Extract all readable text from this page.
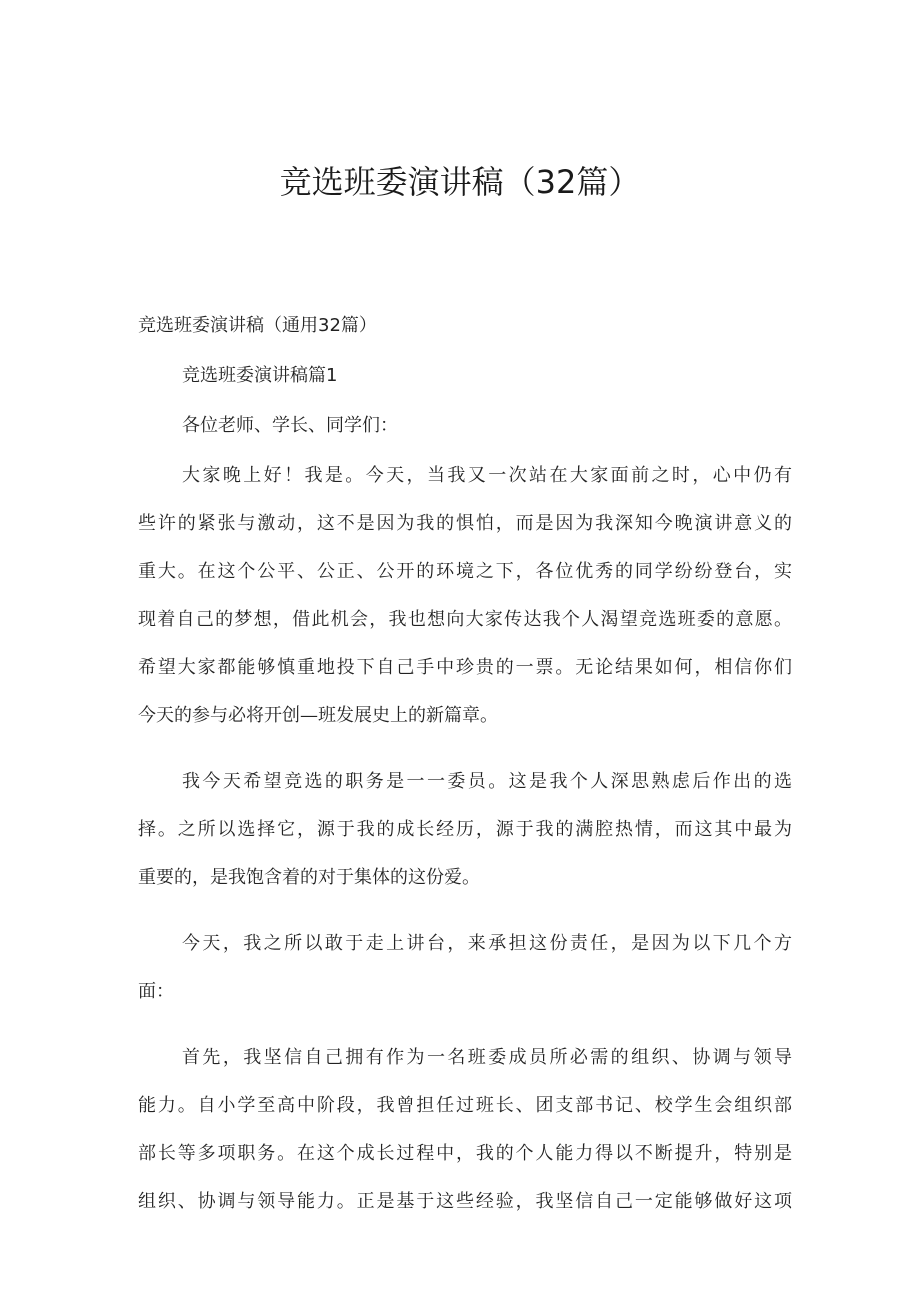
竞选班委演讲稿（32篇）

竞选班委演讲稿（通用32篇）

竞选班委演讲稿篇1

各位老师、学长、同学们：

大家晚上好！我是。今天，当我又一次站在大家面前之时，心中仍有

些许的紧张与激动，这不是因为我的惧怕，而是因为我深知今晚演讲意义的

重大。在这个公平、公正、公开的环境之下，各位优秀的同学纷纷登台，实

现着自己的梦想，借此机会，我也想向大家传达我个人渴望竞选班委的意愿。

希望大家都能够慎重地投下自己手中珍贵的一票。无论结果如何，相信你们

今天的参与必将开创—班发展史上的新篇章。

我今天希望竞选的职务是一一委员。这是我个人深思熟虑后作出的选

择。之所以选择它，源于我的成长经历，源于我的满腔热情，而这其中最为

重要的，是我饱含着的对于集体的这份爱。

今天，我之所以敢于走上讲台，来承担这份责任，是因为以下几个方

面：

首先，我坚信自己拥有作为一名班委成员所必需的组织、协调与领导

能力。自小学至高中阶段，我曾担任过班长、团支部书记、校学生会组织部

部长等多项职务。在这个成长过程中，我的个人能力得以不断提升，特别是

组织、协调与领导能力。正是基于这些经验，我坚信自己一定能够做好这项
